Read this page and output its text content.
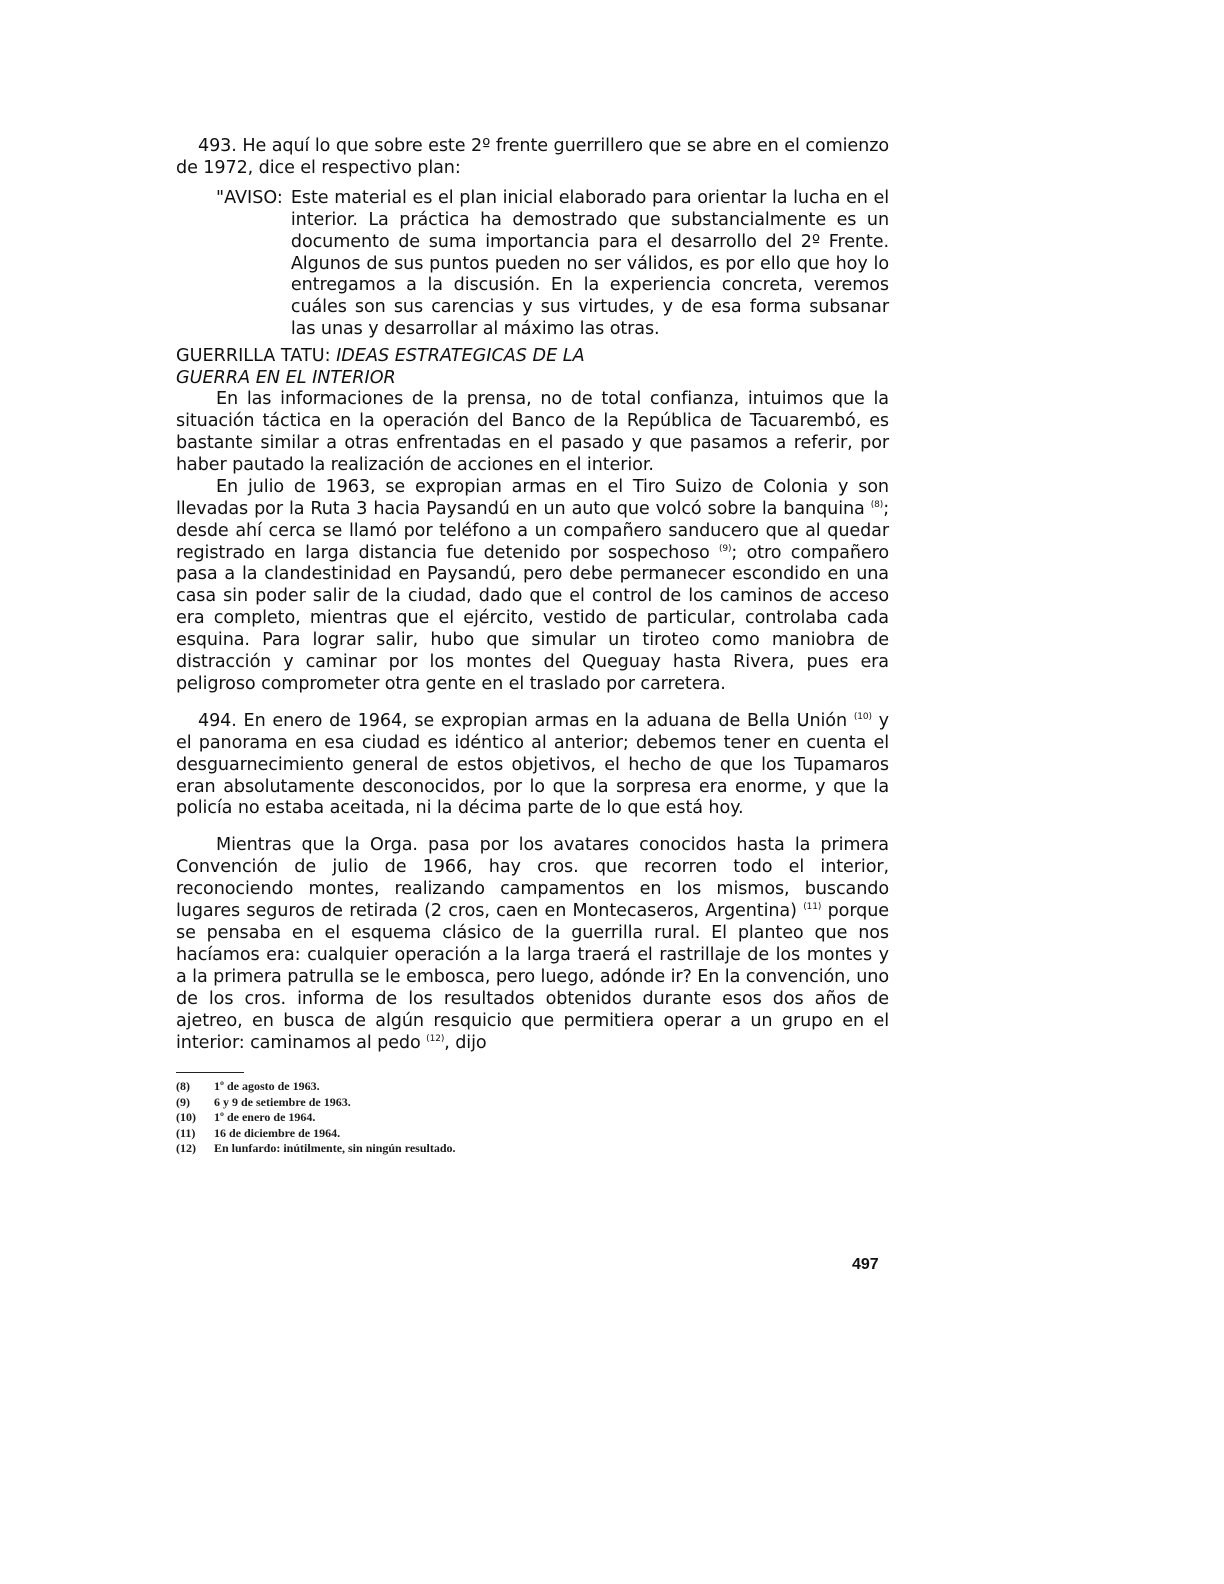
493. He aquí lo que sobre este 2º frente guerrillero que se abre en el comienzo de 1972, dice el respectivo plan:

"AVISO: Este material es el plan inicial elaborado para orientar la lucha en el interior. La práctica ha demostrado que substancialmente es un documento de suma importancia para el desarrollo del 2º Frente. Algunos de sus puntos pueden no ser válidos, es por ello que hoy lo entregamos a la discusión. En la experiencia concreta, veremos cuáles son sus carencias y sus virtudes, y de esa forma subsanar las unas y desarrollar al máximo las otras.
GUERRILLA TATU: IDEAS ESTRATEGICAS DE LA
GUERRA EN EL INTERIOR

En las informaciones de la prensa, no de total confianza, intuimos que la situación táctica en la operación del Banco de la República de Tacuarembó, es bastante similar a otras enfrentadas en el pasado y que pasamos a referir, por haber pautado la realización de acciones en el interior.

En julio de 1963, se expropian armas en el Tiro Suizo de Colonia y son llevadas por la Ruta 3 hacia Paysandú en un auto que volcó sobre la banquina $^{(8)}$; desde ahí cerca se llamó por teléfono a un compañero sanducero que al quedar registrado en larga distancia fue detenido por sospechoso $^{(9)}$; otro compañero pasa a la clandestinidad en Paysandú, pero debe permanecer escondido en una casa sin poder salir de la ciudad, dado que el control de los caminos de acceso era completo, mientras que el ejército, vestido de particular, controlaba cada esquina. Para lograr salir, hubo que simular un tiroteo como maniobra de distracción y caminar por los montes del Queguay hasta Rivera, pues era peligroso comprometer otra gente en el traslado por carretera.

494. En enero de 1964, se expropian armas en la aduana de Bella Unión $^{(10)}$ y el panorama en esa ciudad es idéntico al anterior; debemos tener en cuenta el desguarnecimiento general de estos objetivos, el hecho de que los Tupamaros eran absolutamente desconocidos, por lo que la sorpresa era enorme, y que la policía no estaba aceitada, ni la décima parte de lo que está hoy.

Mientras que la Orga. pasa por los avatares conocidos hasta la primera Convención de julio de 1966, hay cros. que recorren todo el interior, reconociendo montes, realizando campamentos en los mismos, buscando lugares seguros de retirada (2 cros, caen en Montecaseros, Argentina) $^{(11)}$ porque se pensaba en el esquema clásico de la guerrilla rural. El planteo que nos hacíamos era: cualquier operación a la larga traerá el rastrillaje de los montes y a la primera patrulla se le embosca, pero luego, adónde ir? En la convención, uno de los cros. informa de los resultados obtenidos durante esos dos años de ajetreo, en busca de algún resquicio que permitiera operar a un grupo en el interior: caminamos al pedo $^{(12)}$, dijo

(8)	1º de agosto de 1963.
(9)	6 y 9 de setiembre de 1963.
(10)	1º de enero de 1964.
(11)	16 de diciembre de 1964.
(12)	En lunfardo: inútilmente, sin ningún resultado.
497
